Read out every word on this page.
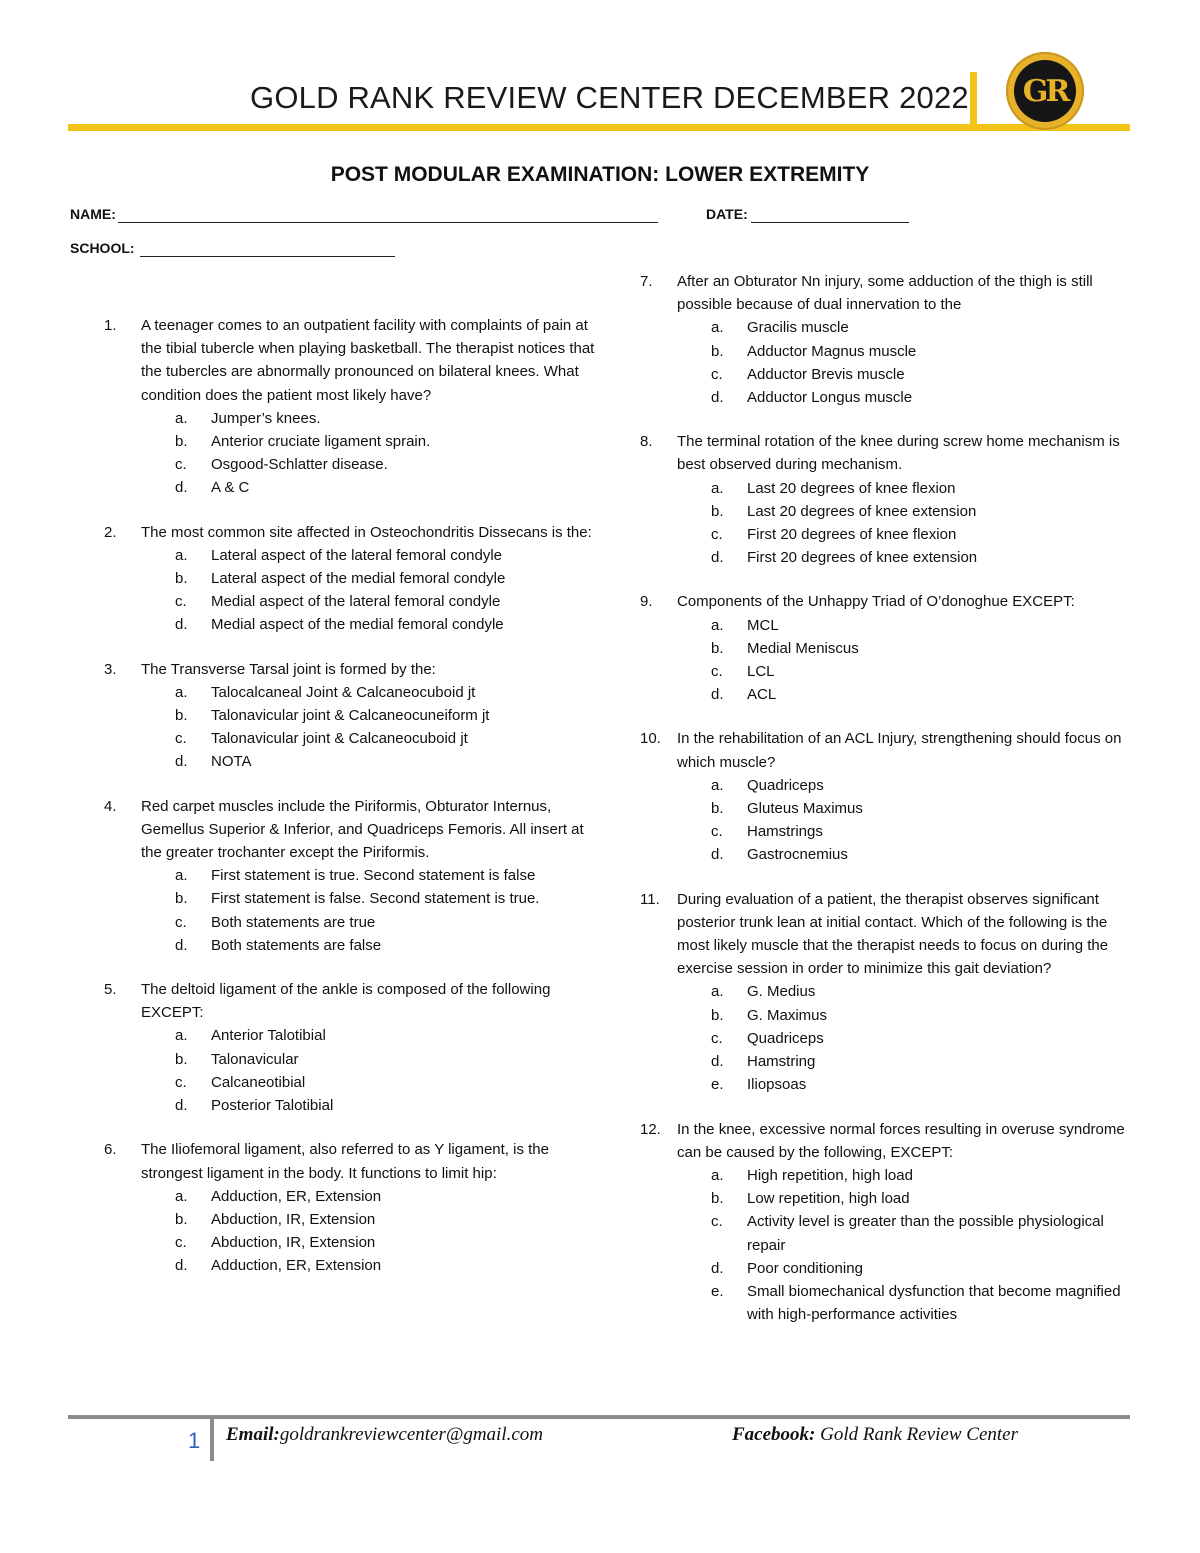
GOLD RANK REVIEW CENTER DECEMBER 2022 GR
POST MODULAR EXAMINATION: LOWER EXTREMITY
NAME:	DATE:
SCHOOL:
1.	A teenager comes to an outpatient facility with complaints of pain at the tibial tubercle when playing basketball. The therapist notices that the tubercles are abnormally pronounced on bilateral knees. What condition does the patient most likely have?
a.	Jumper’s knees.
b.	Anterior cruciate ligament sprain.
c.	Osgood-Schlatter disease.
d.	A & C
2.	The most common site affected in Osteochondritis Dissecans is the:
a.	Lateral aspect of the lateral femoral condyle
b.	Lateral aspect of the medial femoral condyle
c.	Medial aspect of the lateral femoral condyle
d.	Medial aspect of the medial femoral condyle
3.	The Transverse Tarsal joint is formed by the:
a.	Talocalcaneal Joint & Calcaneocuboid jt
b.	Talonavicular joint & Calcaneocuneiform jt
c.	Talonavicular joint & Calcaneocuboid jt
d.	NOTA
4.	Red carpet muscles include the Piriformis, Obturator Internus, Gemellus Superior & Inferior, and Quadriceps Femoris. All insert at the greater trochanter except the Piriformis.
a.	First statement is true. Second statement is false
b.	First statement is false. Second statement is true.
c.	Both statements are true
d.	Both statements are false
5.	The deltoid ligament of the ankle is composed of the following EXCEPT:
a.	Anterior Talotibial
b.	Talonavicular
c.	Calcaneotibial
d.	Posterior Talotibial
6.	The Iliofemoral ligament, also referred to as Y ligament, is the strongest ligament in the body. It functions to limit hip:
a.	Adduction, ER, Extension
b.	Abduction, IR, Extension
c.	Abduction, IR, Extension
d.	Adduction, ER, Extension
7.	After an Obturator Nn injury, some adduction of the thigh is still possible because of dual innervation to the
a.	Gracilis muscle
b.	Adductor Magnus muscle
c.	Adductor Brevis muscle
d.	Adductor Longus muscle
8.	The terminal rotation of the knee during screw home mechanism is best observed during mechanism.
a.	Last 20 degrees of knee flexion
b.	Last 20 degrees of knee extension
c.	First 20 degrees of knee flexion
d.	First 20 degrees of knee extension
9.	Components of the Unhappy Triad of O’donoghue EXCEPT:
a.	MCL
b.	Medial Meniscus
c.	LCL
d.	ACL
10.	In the rehabilitation of an ACL Injury, strengthening should focus on which muscle?
a.	Quadriceps
b.	Gluteus Maximus
c.	Hamstrings
d.	Gastrocnemius
11.	During evaluation of a patient, the therapist observes significant posterior trunk lean at initial contact. Which of the following is the most likely muscle that the therapist needs to focus on during the exercise session in order to minimize this gait deviation?
a.	G. Medius
b.	G. Maximus
c.	Quadriceps
d.	Hamstring
e.	Iliopsoas
12.	In the knee, excessive normal forces resulting in overuse syndrome can be caused by the following, EXCEPT:
a.	High repetition, high load
b.	Low repetition, high load
c.	Activity level is greater than the possible physiological repair
d.	Poor conditioning
e.	Small biomechanical dysfunction that become magnified with high-performance activities
1 Email:goldrankreviewcenter@gmail.com	Facebook: Gold Rank Review Center
